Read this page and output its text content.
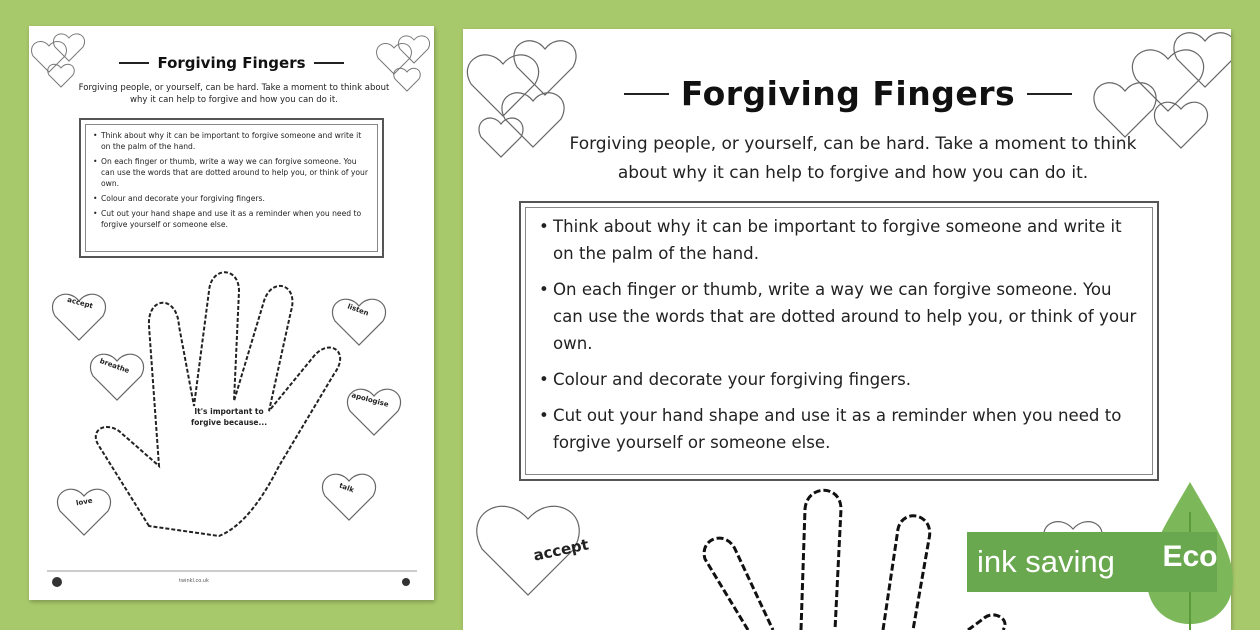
Forgiving Fingers
Forgiving people, or yourself, can be hard. Take a moment to think about why it can help to forgive and how you can do it.
• Think about why it can be important to forgive someone and write it on the palm of the hand.
• On each finger or thumb, write a way we can forgive someone. You can use the words that are dotted around to help you, or think of your own.
• Colour and decorate your forgiving fingers.
• Cut out your hand shape and use it as a reminder when you need to forgive yourself or someone else.
It's important to
forgive because...
accept	listen
breathe
apologise
talk
love
twinkl.co.uk
Forgiving Fingers
Forgiving people, or yourself, can be hard. Take a moment to think about why it can help to forgive and how you can do it.
• Think about why it can be important to forgive someone and write it on the palm of the hand.
• On each finger or thumb, write a way we can forgive someone. You can use the words that are dotted around to help you, or think of your own.
• Colour and decorate your forgiving fingers.
• Cut out your hand shape and use it as a reminder when you need to forgive yourself or someone else.
accept	ink saving	Eco
